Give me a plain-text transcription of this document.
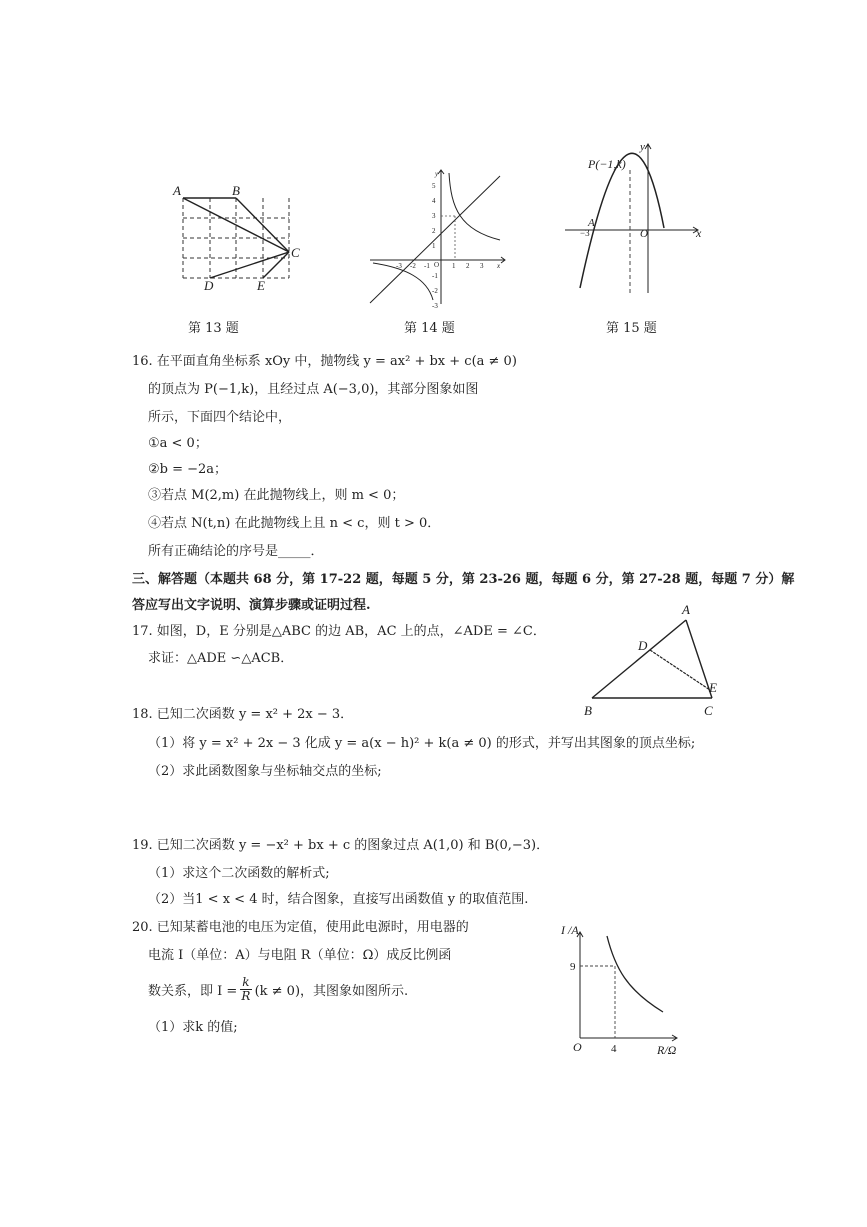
A	B
C
D	E
第 13 题
y
x
O
-3 -2 -1	1 2 3
5
4
3
2
1
-1
-2
-3
第 14 题
P(−1,k)
y
A
−3	O	x
第 15 题
16. 在平面直角坐标系 xOy 中，抛物线 y = ax² + bx + c(a ≠ 0)
的顶点为 P(−1,k)，且经过点 A(−3,0)，其部分图象如图
所示，下面四个结论中，
①a < 0；
②b = −2a；
③若点 M(2,m) 在此抛物线上，则 m < 0；
④若点 N(t,n) 在此抛物线上且 n < c，则 t > 0．
所有正确结论的序号是_____．
三、解答题（本题共 68 分，第 17-22 题，每题 5 分，第 23-26 题，每题 6 分，第 27-28 题，每题 7 分）解
答应写出文字说明、演算步骤或证明过程.
17. 如图，D，E 分别是△ABC 的边 AB，AC 上的点，∠ADE = ∠C．
求证：△ADE ∽△ACB．
A
D
E
B	C
18. 已知二次函数 y = x² + 2x − 3．
（1）将 y = x² + 2x − 3 化成 y = a(x − h)² + k(a ≠ 0) 的形式，并写出其图象的顶点坐标;
（2）求此函数图象与坐标轴交点的坐标;
19. 已知二次函数 y = −x² + bx + c 的图象过点 A(1,0) 和 B(0,−3)．
（1）求这个二次函数的解析式;
（2）当1 < x < 4 时，结合图象，直接写出函数值 y 的取值范围.
20. 已知某蓄电池的电压为定值，使用此电源时，用电器的
电流 I（单位：A）与电阻 R（单位：Ω）成反比例函
数关系，即 $I = \frac{k}{R} (k \ne 0)$，其图象如图所示.
（1）求k 的值;
I /A
9
O	4	R/Ω
